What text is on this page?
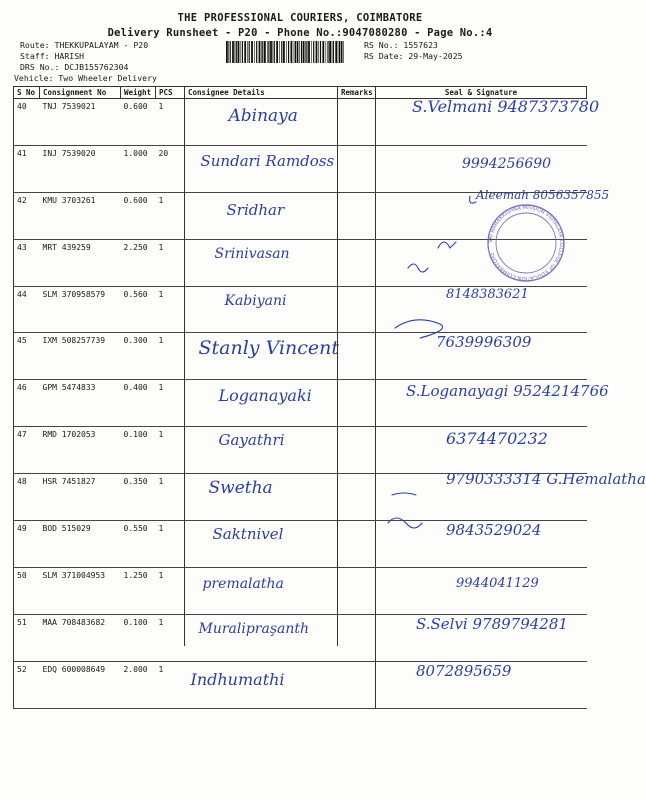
THE PROFESSIONAL COURIERS, COIMBATORE
Delivery Runsheet - P20 - Phone No.:9047080280 - Page No.:4
Route: THEKKUPALAYAM - P20
Staff: HARISH
DRS No.: DCJB155762304
RS No.: 1557623
RS Date: 29-May-2025
Vehicle: Two Wheeler Delivery
S No	Consignment No	Weight	PCS	Consignee Details	Remarks	Seal & Signature
40	TNJ 7539021	0.600	1	Abinaya		S.Velmani 9487373780

41	INJ 7539020	1.000	20	Sundari Ramdoss		9994256690

42	KMU 3703261	0.600	1	Sridhar		Aleemah 8056357855

43	MRT 439259	2.250	1	Srinivasan		

44	SLM 370958579	0.560	1	Kabiyani		8148383621

45	IXM 508257739	0.300	1	Stanly Vincent		7639996309

46	GPM 5474833	0.400	1	Loganayaki		S.Loganayagi 9524214766

47	RMD 1702053	0.100	1	Gayathri		6374470232

48	HSR 7451827	0.350	1	Swetha		9790333314 G.Hemalatha

49	BOD 515029	0.550	1	Saktnivel		9843529024

50	SLM 371004953	1.250	1	premalatha		9944041129

51	MAA 708483682	0.100	1	Muralipraşanth		S.Selvi 9789794281

52	EDQ 600008649	2.000	1	Indhumathi		8072895659
SRI RAMAKRISHNA MISSION VIDYALAYA COLLEGE OF EDUCATION COIMBATORE
